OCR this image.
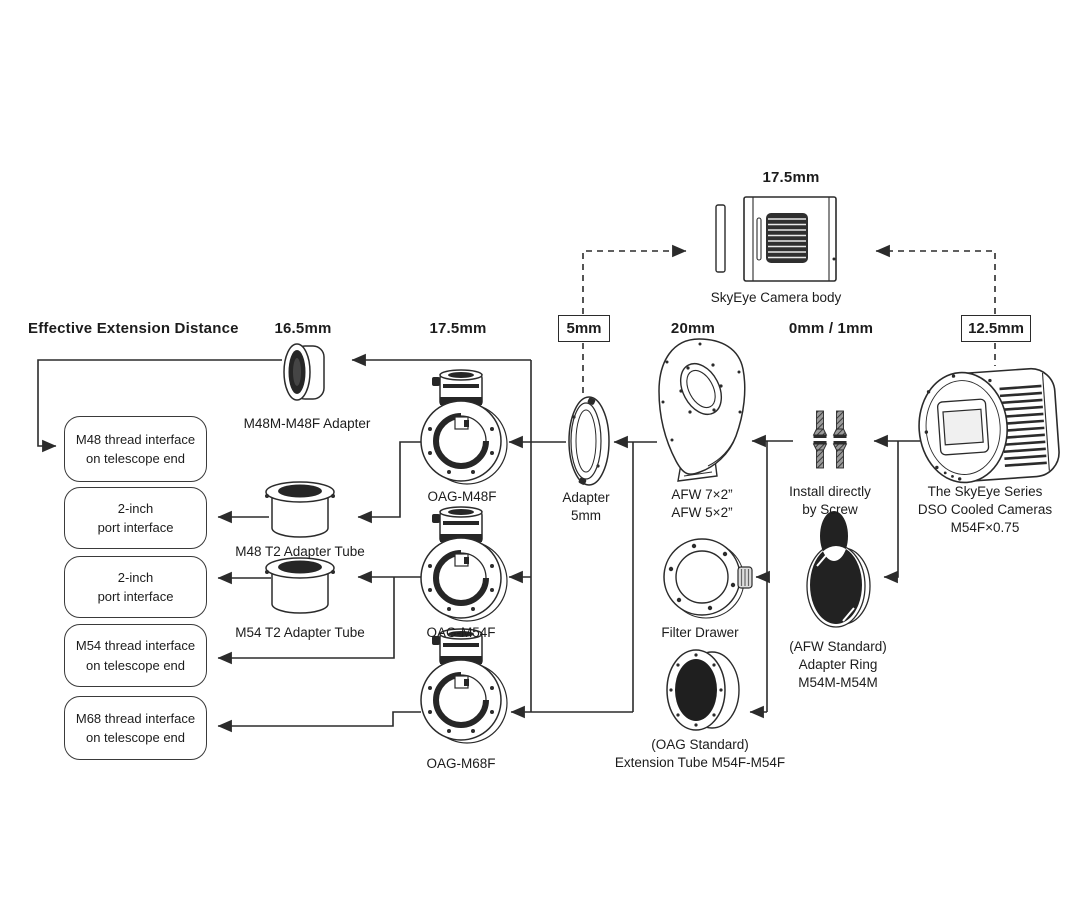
Effective Extension Distance 16.5mm	17.5mm	5mm	20mm	0mm / 1mm	12.5mm
17.5mm
SkyEye Camera body
M48 thread interface
on telescope end
2-inch
port interface
2-inch
port interface
M54 thread interface
on telescope end
M68 thread interface
on telescope end
M48M-M48F Adapter
OAG-M48F
M48 T2 Adapter Tube
M54 T2 Adapter Tube	OAG-M54F
OAG-M68F
Adapter
5mm
AFW 7×2”
AFW 5×2”
Install directly
by Screw
Filter Drawer
The SkyEye Series
DSO Cooled Cameras
M54F×0.75
(AFW Standard)
Adapter Ring
M54M-M54M
(OAG Standard)
Extension Tube M54F-M54F
